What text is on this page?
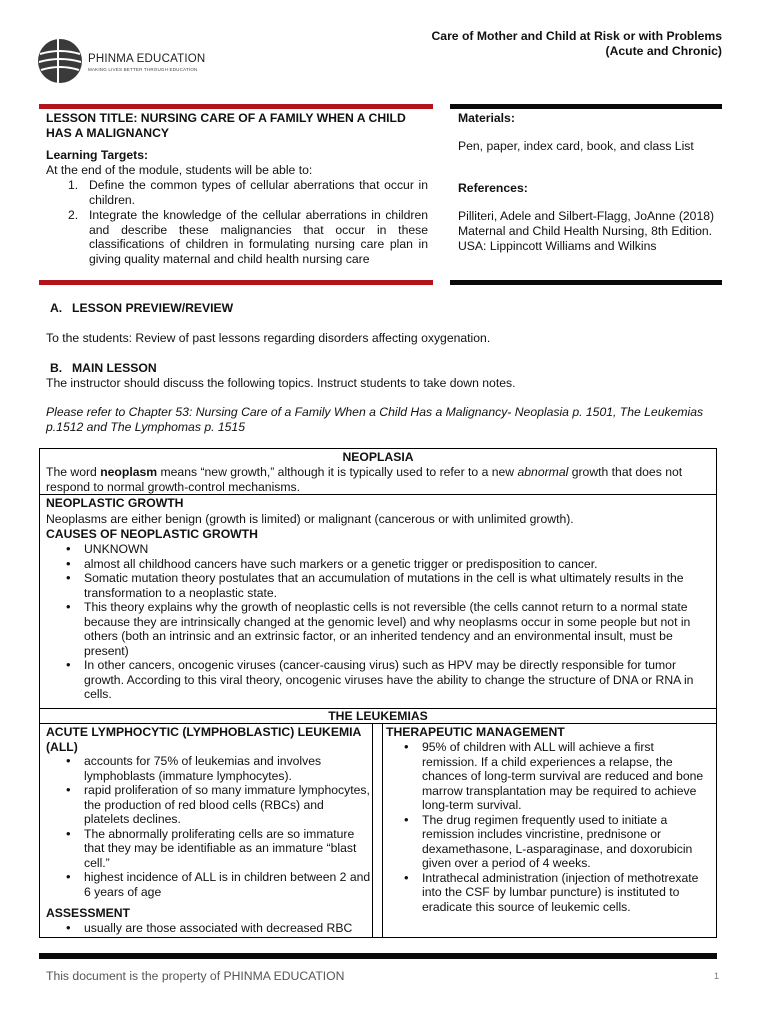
PHINMA EDUCATION
MAKING LIVES BETTER THROUGH EDUCATION
Care of Mother and Child at Risk or with Problems (Acute and Chronic)
LESSON TITLE: NURSING CARE OF A FAMILY WHEN A CHILD HAS A MALIGNANCY
Learning Targets:
At the end of the module, students will be able to:
1. Define the common types of cellular aberrations that occur in children.
2. Integrate the knowledge of the cellular aberrations in children and describe these malignancies that occur in these classifications of children in formulating nursing care plan in giving quality maternal and child health nursing care
Materials:
Pen, paper, index card, book, and class List
References:
Pilliteri, Adele and Silbert-Flagg, JoAnne (2018) Maternal and Child Health Nursing, 8th Edition. USA: Lippincott Williams and Wilkins
A. LESSON PREVIEW/REVIEW
To the students: Review of past lessons regarding disorders affecting oxygenation.
B. MAIN LESSON
The instructor should discuss the following topics. Instruct students to take down notes.
Please refer to Chapter 53: Nursing Care of a Family When a Child Has a Malignancy- Neoplasia p. 1501, The Leukemias p.1512 and The Lymphomas p. 1515
NEOPLASIA
The word neoplasm means “new growth,” although it is typically used to refer to a new abnormal growth that does not respond to normal growth-control mechanisms.
NEOPLASTIC GROWTH
Neoplasms are either benign (growth is limited) or malignant (cancerous or with unlimited growth).
CAUSES OF NEOPLASTIC GROWTH
• UNKNOWN
• almost all childhood cancers have such markers or a genetic trigger or predisposition to cancer.
• Somatic mutation theory postulates that an accumulation of mutations in the cell is what ultimately results in the transformation to a neoplastic state.
• This theory explains why the growth of neoplastic cells is not reversible (the cells cannot return to a normal state because they are intrinsically changed at the genomic level) and why neoplasms occur in some people but not in others (both an intrinsic and an extrinsic factor, or an inherited tendency and an environmental insult, must be present)
• In other cancers, oncogenic viruses (cancer-causing virus) such as HPV may be directly responsible for tumor growth. According to this viral theory, oncogenic viruses have the ability to change the structure of DNA or RNA in cells.
THE LEUKEMIAS
ACUTE LYMPHOCYTIC (LYMPHOBLASTIC) LEUKEMIA (ALL)
• accounts for 75% of leukemias and involves lymphoblasts (immature lymphocytes).
• rapid proliferation of so many immature lymphocytes, the production of red blood cells (RBCs) and platelets declines.
• The abnormally proliferating cells are so immature that they may be identifiable as an immature “blast cell.”
• highest incidence of ALL is in children between 2 and 6 years of age
ASSESSMENT
• usually are those associated with decreased RBC
THERAPEUTIC MANAGEMENT
• 95% of children with ALL will achieve a first remission. If a child experiences a relapse, the chances of long-term survival are reduced and bone marrow transplantation may be required to achieve long-term survival.
• The drug regimen frequently used to initiate a remission includes vincristine, prednisone or dexamethasone, L-asparaginase, and doxorubicin given over a period of 4 weeks.
• Intrathecal administration (injection of methotrexate into the CSF by lumbar puncture) is instituted to eradicate this source of leukemic cells.
This document is the property of PHINMA EDUCATION	1
